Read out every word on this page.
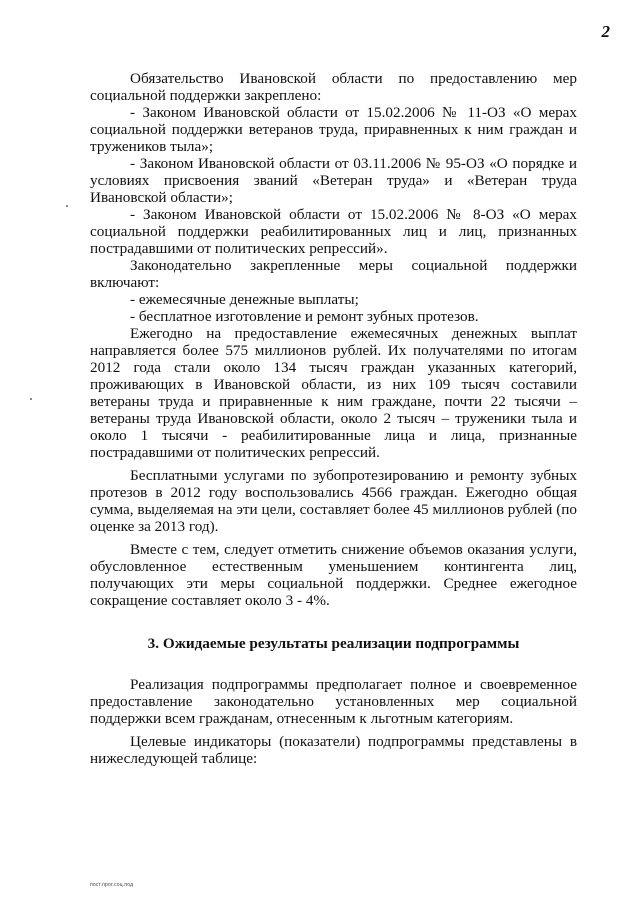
2

Обязательство Ивановской области по предоставлению мер социальной поддержки закреплено:

- Законом Ивановской области от 15.02.2006 № 11-ОЗ «О мерах социальной поддержки ветеранов труда, приравненных к ним граждан и тружеников тыла»;

- Законом Ивановской области от 03.11.2006 № 95-ОЗ «О порядке и условиях присвоения званий «Ветеран труда» и «Ветеран труда Ивановской области»;

- Законом Ивановской области от 15.02.2006 № 8-ОЗ «О мерах социальной поддержки реабилитированных лиц и лиц, признанных пострадавшими от политических репрессий».

Законодательно закрепленные меры социальной поддержки включают:

- ежемесячные денежные выплаты;

- бесплатное изготовление и ремонт зубных протезов.

Ежегодно на предоставление ежемесячных денежных выплат направляется более 575 миллионов рублей. Их получателями по итогам 2012 года стали около 134 тысяч граждан указанных категорий, проживающих в Ивановской области, из них 109 тысяч составили ветераны труда и приравненные к ним граждане, почти 22 тысячи – ветераны труда Ивановской области, около 2 тысяч – труженики тыла и около 1 тысячи - реабилитированные лица и лица, признанные пострадавшими от политических репрессий.

Бесплатными услугами по зубопротезированию и ремонту зубных протезов в 2012 году воспользовались 4566 граждан. Ежегодно общая сумма, выделяемая на эти цели, составляет более 45 миллионов рублей (по оценке за 2013 год).

Вместе с тем, следует отметить снижение объемов оказания услуги, обусловленное естественным уменьшением контингента лиц, получающих эти меры социальной поддержки. Среднее ежегодное сокращение составляет около 3 - 4%.

3. Ожидаемые результаты реализации подпрограммы

Реализация подпрограммы предполагает полное и своевременное предоставление законодательно установленных мер социальной поддержки всем гражданам, отнесенным к льготным категориям.

Целевые индикаторы (показатели) подпрограммы представлены в нижеследующей таблице:

пост.прог.соц.под
